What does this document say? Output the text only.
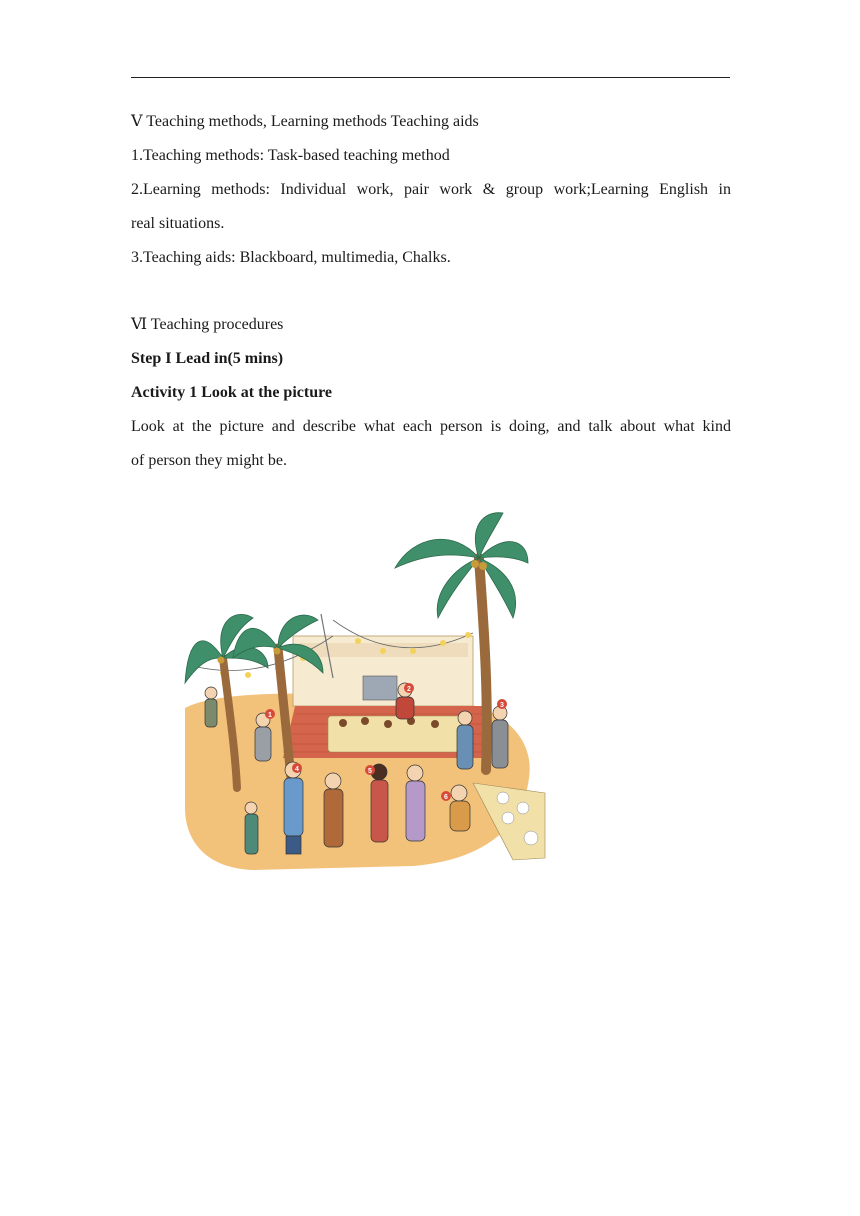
Ⅴ Teaching methods, Learning methods Teaching aids
1.Teaching methods: Task-based teaching method
2.Learning methods: Individual work, pair work & group work;Learning English in
real situations.
3.Teaching aids: Blackboard, multimedia, Chalks.
Ⅵ Teaching procedures
Step I Lead in(5 mins)
Activity 1 Look at the picture
Look at the picture and describe what each person is doing, and talk about what kind
of person they might be.
1
2
3
4	5
6
